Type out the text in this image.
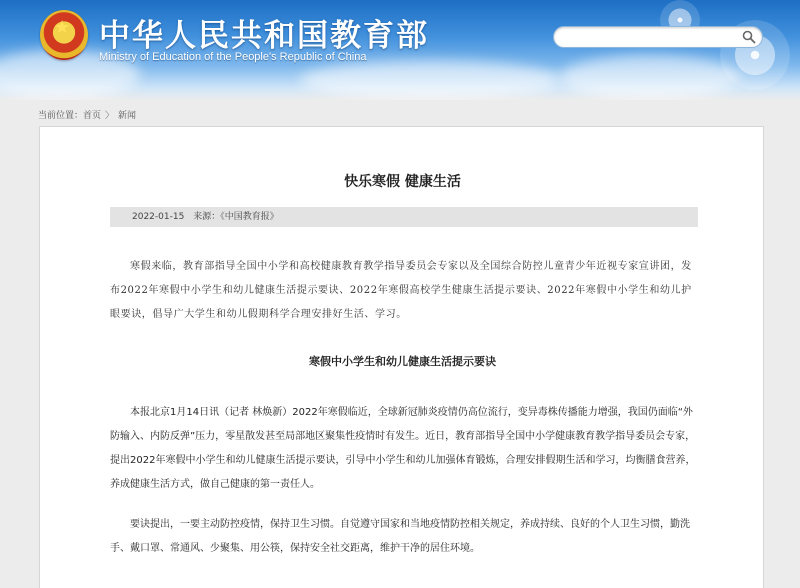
★ 中华人民共和国教育部
Ministry of Education of the People's Republic of China
当前位置：首页 〉 新闻
快乐寒假 健康生活
2022-01-15 来源：《中国教育报》

寒假来临，教育部指导全国中小学和高校健康教育教学指导委员会专家以及全国综合防控儿童青少年近视专家宣讲团，发布2022年寒假中小学生和幼儿健康生活提示要诀、2022年寒假高校学生健康生活提示要诀、2022年寒假中小学生和幼儿护眼要诀，倡导广大学生和幼儿假期科学合理安排好生活、学习。

寒假中小学生和幼儿健康生活提示要诀

本报北京1月14日讯（记者 林焕新）2022年寒假临近，全球新冠肺炎疫情仍高位流行，变异毒株传播能力增强，我国仍面临“外防输入、内防反弹”压力，零星散发甚至局部地区聚集性疫情时有发生。近日，教育部指导全国中小学健康教育教学指导委员会专家，提出2022年寒假中小学生和幼儿健康生活提示要诀，引导中小学生和幼儿加强体育锻炼，合理安排假期生活和学习，均衡膳食营养，养成健康生活方式，做自己健康的第一责任人。

要诀提出，一要主动防控疫情，保持卫生习惯。自觉遵守国家和当地疫情防控相关规定，养成持续、良好的个人卫生习惯，勤洗手、戴口罩、常通风、少聚集、用公筷，保持安全社交距离，维护干净的居住环境。
